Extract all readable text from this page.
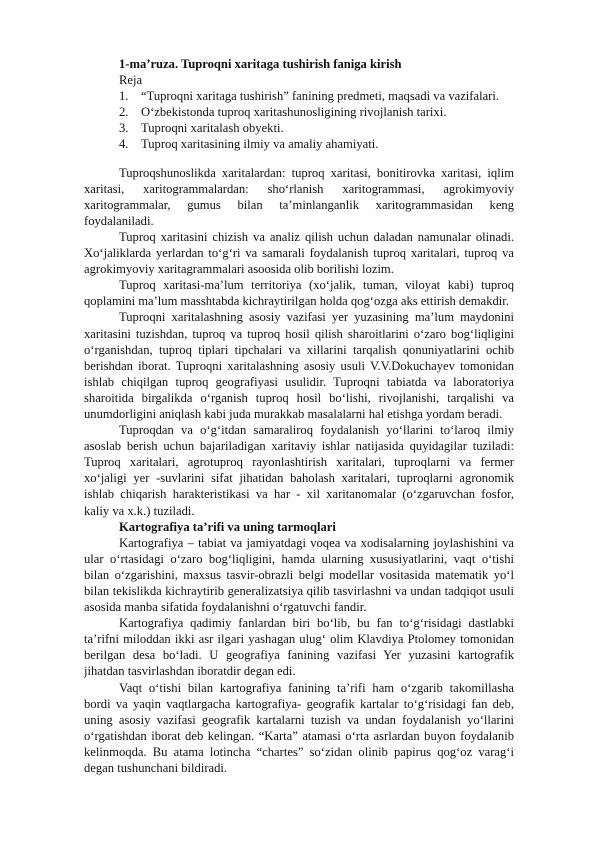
1-ma’ruza. Tuproqni xaritaga tushirish faniga kirish

Reja

1. “Tuproqni xaritaga tushirish” fanining predmeti, maqsadi va vazifalari.
2. O‘zbekistonda tuproq xaritashunosligining rivojlanish tarixi.
3. Tuproqni xaritalash obyekti.
4. Tuproq xaritasining ilmiy va amaliy ahamiyati.

Tuproqshunoslikda xaritalardan: tuproq xaritasi, bonitirovka xaritasi, iqlim xaritasi, xaritogrammalardan: sho‘rlanish xaritogrammasi, agrokimyoviy xaritogrammalar, gumus bilan ta’minlanganlik xaritogrammasidan keng foydalaniladi.

Tuproq xaritasini chizish va analiz qilish uchun daladan namunalar olinadi. Xo‘jaliklarda yerlardan to‘g‘ri va samarali foydalanish tuproq xaritalari, tuproq va agrokimyoviy xaritagrammalari asoosida olib borilishi lozim.

Tuproq xaritasi-ma’lum territoriya (xo‘jalik, tuman, viloyat kabi) tuproq qoplamini ma’lum masshtabda kichraytirilgan holda qog‘ozga aks ettirish demakdir.

Tuproqni xaritalashning asosiy vazifasi yer yuzasining ma’lum maydonini xaritasini tuzishdan, tuproq va tuproq hosil qilish sharoitlarini o‘zaro bog‘liqligini o‘rganishdan, tuproq tiplari tipchalari va xillarini tarqalish qonuniyatlarini ochib berishdan iborat. Tuproqni xaritalashning asosiy usuli V.V.Dokuchayev tomonidan ishlab chiqilgan tuproq geografiyasi usulidir. Tuproqni tabiatda va laboratoriya sharoitida birgalikda o‘rganish tuproq hosil bo‘lishi, rivojlanishi, tarqalishi va unumdorligini aniqlash kabi juda murakkab masalalarni hal etishga yordam beradi.

Tuproqdan va o‘g‘itdan samaraliroq foydalanish yo‘llarini to‘laroq ilmiy asoslab berish uchun bajariladigan xaritaviy ishlar natijasida quyidagilar tuziladi: Tuproq xaritalari, agrotuproq rayonlashtirish xaritalari, tuproqlarni va fermer xo‘jaligi yer -suvlarini sifat jihatidan baholash xaritalari, tuproqlarni agronomik ishlab chiqarish harakteristikasi va har - xil xaritanomalar (o‘zgaruvchan fosfor, kaliy va x.k.) tuziladi.

Kartografiya ta’rifi va uning tarmoqlari

Kartografiya – tabiat va jamiyatdagi voqea va xodisalarning joylashishini va ular o‘rtasidagi o‘zaro bog‘liqligini, hamda ularning xususiyatlarini, vaqt o‘tishi bilan o‘zgarishini, maxsus tasvir-obrazli belgi modellar vositasida matematik yo‘l bilan tekislikda kichraytirib generalizatsiya qilib tasvirlashni va undan tadqiqot usuli asosida manba sifatida foydalanishni o‘rgatuvchi fandir.

Kartografiya qadimiy fanlardan biri bo‘lib, bu fan to‘g‘risidagi dastlabki ta’rifni miloddan ikki asr ilgari yashagan ulug‘ olim Klavdiya Ptolomey tomonidan berilgan desa bo‘ladi. U geografiya fanining vazifasi Yer yuzasini kartografik jihatdan tasvirlashdan iboratdir degan edi.

Vaqt o‘tishi bilan kartografiya fanining ta’rifi ham o‘zgarib takomillasha bordi va yaqin vaqtlargacha kartografiya- geografik kartalar to‘g‘risidagi fan deb, uning asosiy vazifasi geografik kartalarni tuzish va undan foydalanish yo‘llarini o‘rgatishdan iborat deb kelingan. “Karta” atamasi o‘rta asrlardan buyon foydalanib kelinmoqda. Bu atama lotincha “chartes” so‘zidan olinib papirus qog‘oz varag‘i degan tushunchani bildiradi.
